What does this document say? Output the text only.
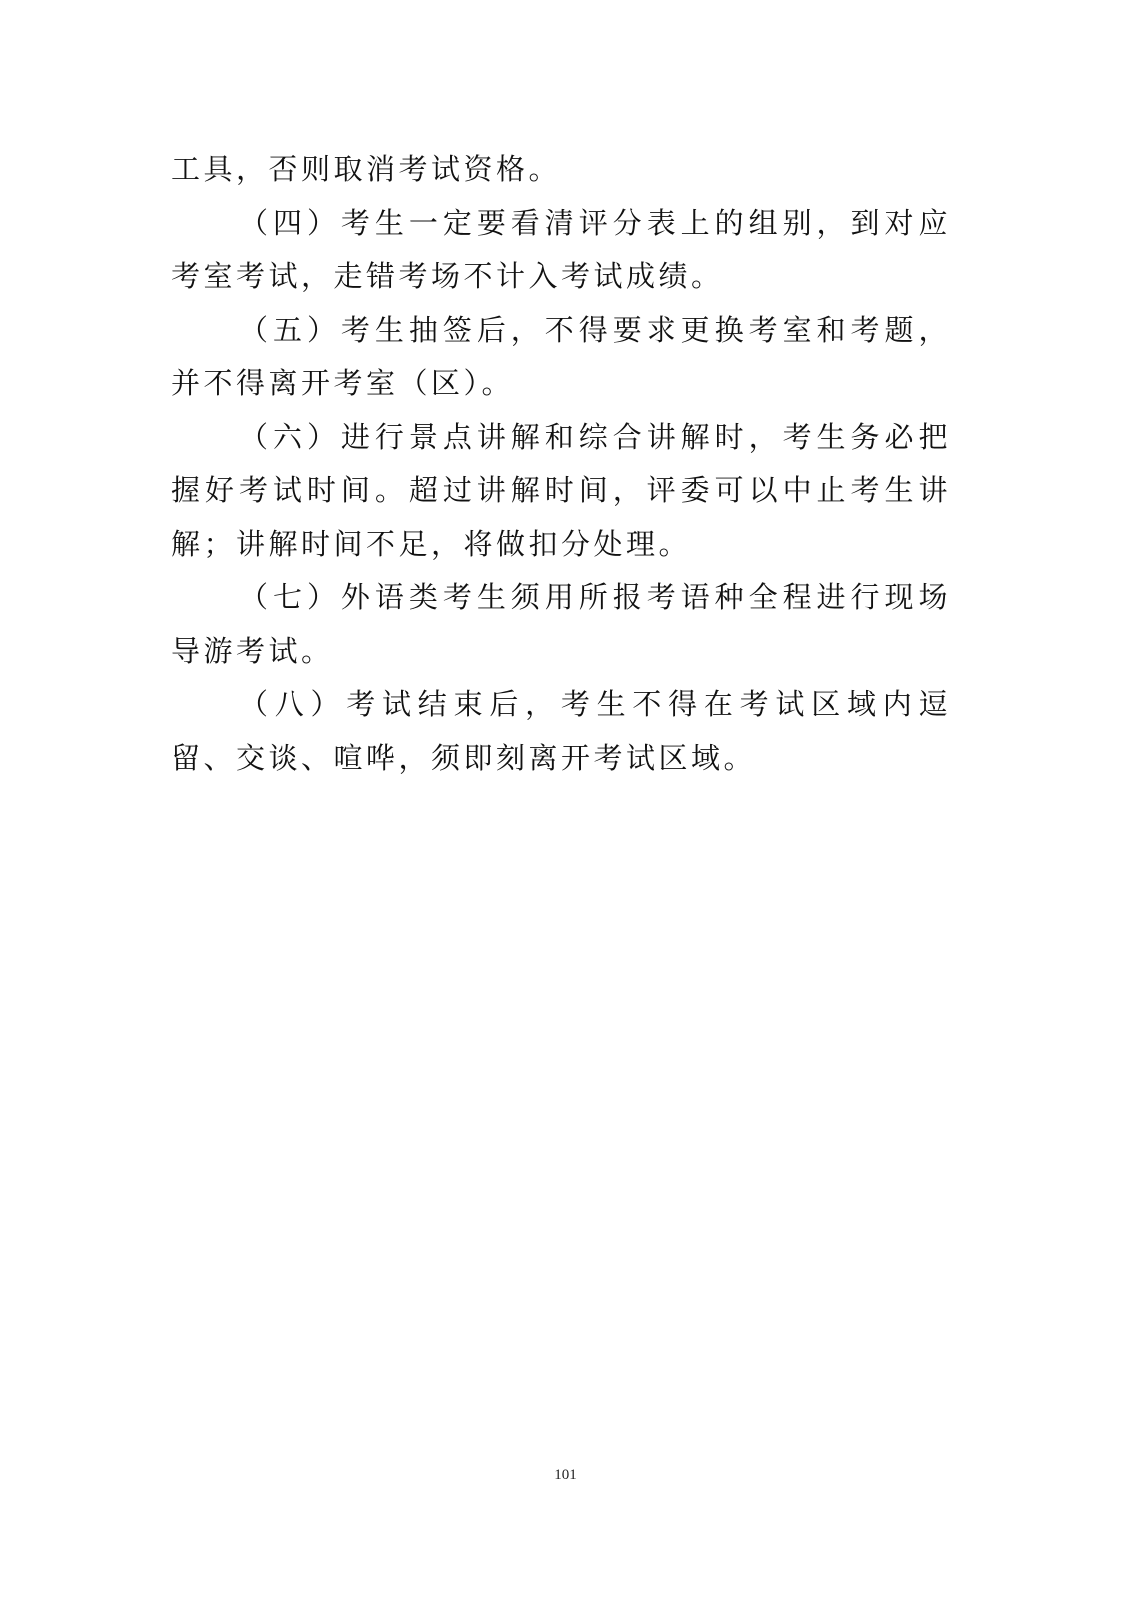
工具，否则取消考试资格。

（四）考生一定要看清评分表上的组别，到对应考室考试，走错考场不计入考试成绩。

（五）考生抽签后，不得要求更换考室和考题，并不得离开考室（区）。

（六）进行景点讲解和综合讲解时，考生务必把握好考试时间。超过讲解时间，评委可以中止考生讲解；讲解时间不足，将做扣分处理。

（七）外语类考生须用所报考语种全程进行现场导游考试。

（八）考试结束后，考生不得在考试区域内逗留、交谈、喧哗，须即刻离开考试区域。

101
